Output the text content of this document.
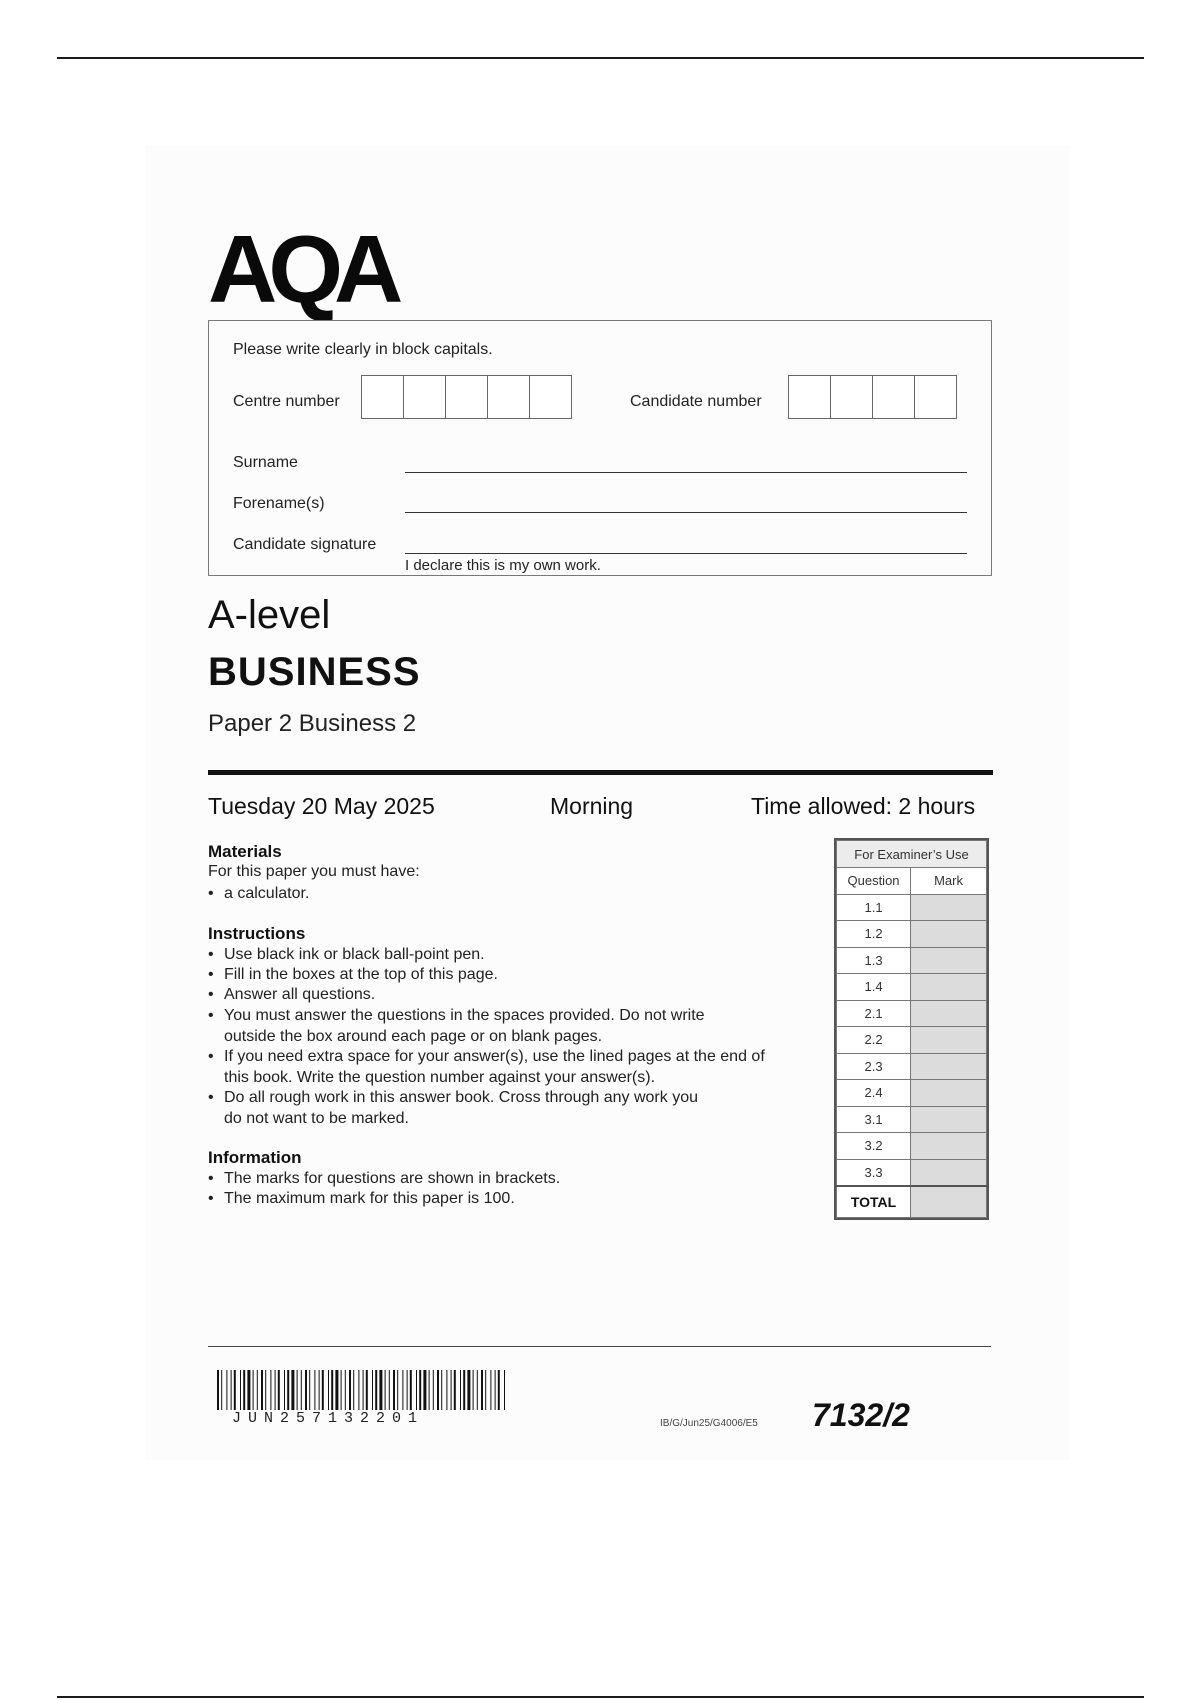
AQA
Please write clearly in block capitals.
Centre number	Candidate number
Surname
Forename(s)
Candidate signature
I declare this is my own work.
A-level
BUSINESS
Paper 2 Business 2
Tuesday 20 May 2025	Morning	Time allowed: 2 hours
Materials
For this paper you must have:
• a calculator.
Instructions
• Use black ink or black ball-point pen.
• Fill in the boxes at the top of this page.
• Answer all questions.
• You must answer the questions in the spaces provided. Do not write
outside the box around each page or on blank pages.
• If you need extra space for your answer(s), use the lined pages at the end of
this book. Write the question number against your answer(s).
• Do all rough work in this answer book. Cross through any work you
do not want to be marked.
Information
• The marks for questions are shown in brackets.
• The maximum mark for this paper is 100.
For Examiner’s Use	
Question	Mark
1.1	
1.2	
1.3	
1.4	
2.1	
2.2	
2.3	
2.4	
3.1	
3.2	
3.3	
TOTAL	
JUN257132201	IB/G/Jun25/G4006/E5 7132/2
